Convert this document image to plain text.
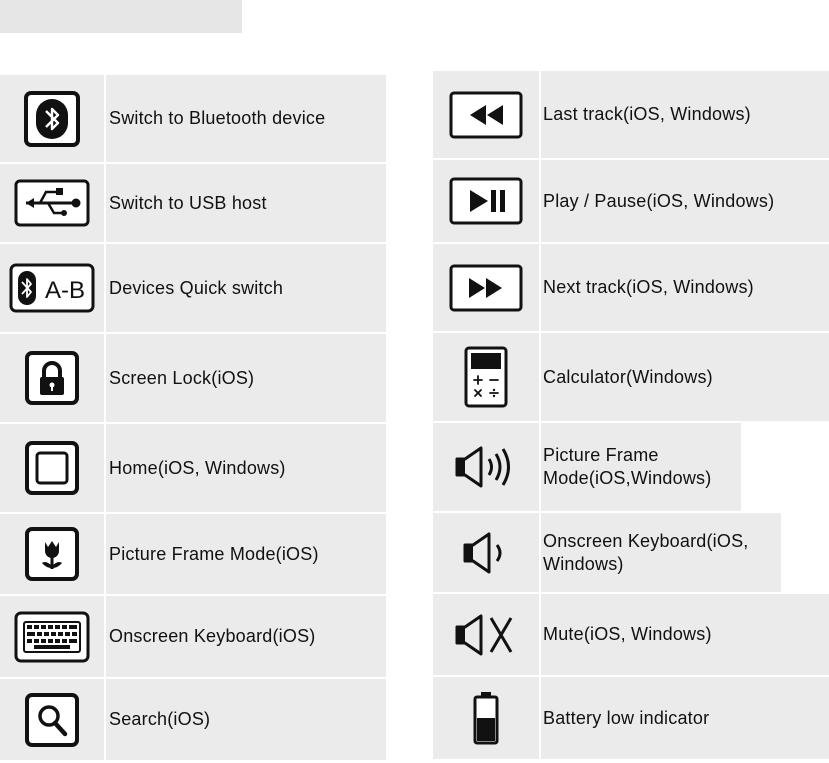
Switch to Bluetooth device
Switch to USB host
A-B Devices Quick switch
Screen Lock(iOS)
Home(iOS, Windows)
Picture Frame Mode(iOS)
Onscreen Keyboard(iOS)
Search(iOS)
Last track(iOS, Windows)
Play / Pause(iOS, Windows)
Next track(iOS, Windows)
Calculator(Windows)
Picture Frame Mode(iOS,Windows)
Onscreen Keyboard(iOS, Windows)
Mute(iOS, Windows)
Battery low indicator
